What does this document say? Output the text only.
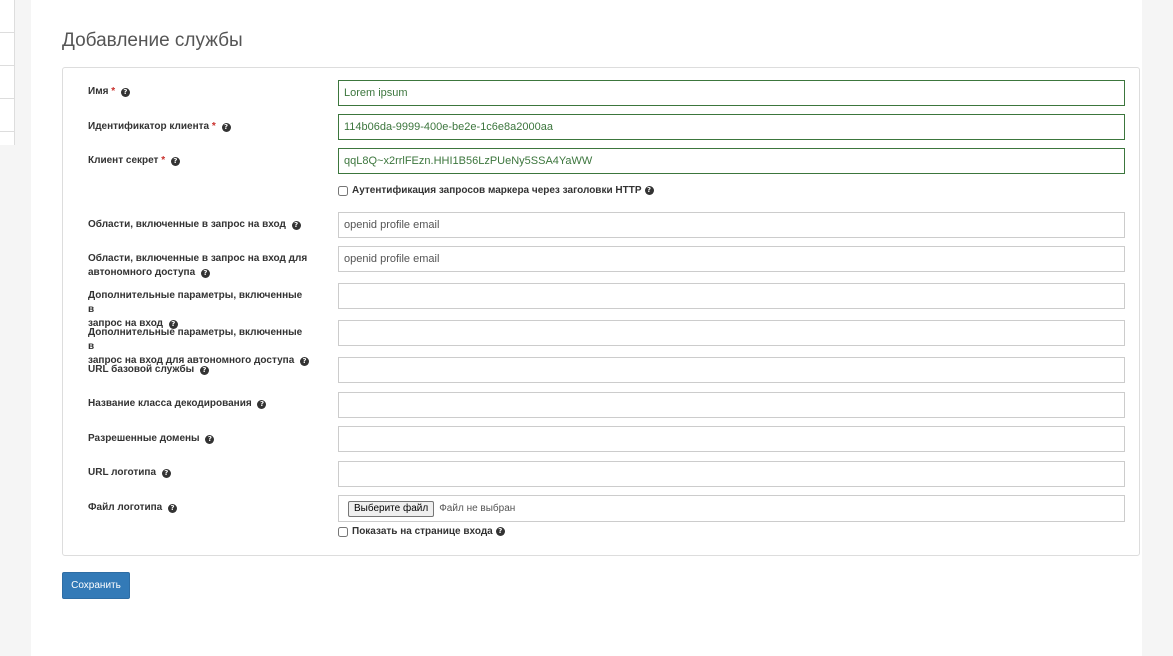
Добавление службы
Имя * ?
Lorem ipsum
Идентификатор клиента * ?
114b06da-9999-400e-be2e-1c6e8a2000aa
Клиент секрет * ?
qqL8Q~x2rrlFEzn.HHI1B56LzPUeNy5SSA4YaWW
Аутентификация запросов маркера через заголовки HTTP ?
Области, включенные в запрос на вход ?
openid profile email
Области, включенные в запрос на вход для
автономного доступа ?
openid profile email
Дополнительные параметры, включенные в
запрос на вход ?
Дополнительные параметры, включенные в
запрос на вход для автономного доступа ?
URL базовой службы ?
Название класса декодирования ?
Разрешенные домены ?
URL логотипа ?
Файл логотипа ?	Выберите файл	Файл не выбран
Показать на странице входа ?
Сохранить
